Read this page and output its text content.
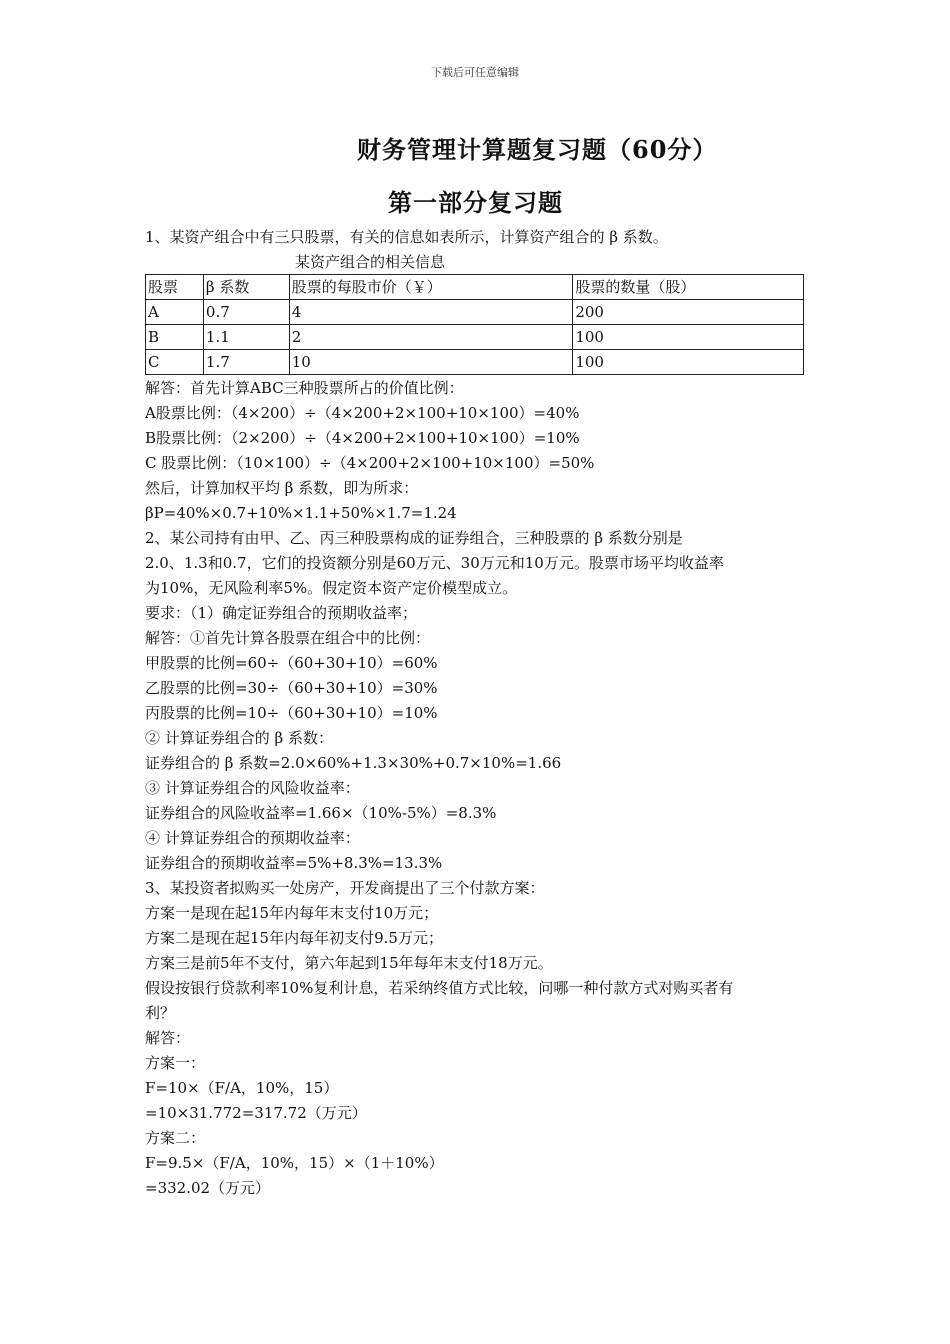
下载后可任意编辑
财务管理计算题复习题（60分）
第一部分复习题
1、某资产组合中有三只股票，有关的信息如表所示，计算资产组合的 β 系数。
某资产组合的相关信息
股票	β 系数	股票的每股市价（￥）	股票的数量（股）
A	0.7	4	200
B	1.1	2	100
C	1.7	10	100
解答：首先计算ABC三种股票所占的价值比例：
A股票比例：（4×200）÷（4×200+2×100+10×100）=40%
B股票比例：（2×200）÷（4×200+2×100+10×100）=10%
C 股票比例：（10×100）÷（4×200+2×100+10×100）=50%
然后，计算加权平均 β 系数，即为所求：
βP=40%×0.7+10%×1.1+50%×1.7=1.24
2、某公司持有由甲、乙、丙三种股票构成的证券组合，三种股票的 β 系数分别是
2.0、1.3和0.7，它们的投资额分别是60万元、30万元和10万元。股票市场平均收益率
为10%，无风险利率5%。假定资本资产定价模型成立。
要求：（1）确定证券组合的预期收益率；
解答：①首先计算各股票在组合中的比例：
甲股票的比例=60÷（60+30+10）=60%
乙股票的比例=30÷（60+30+10）=30%
丙股票的比例=10÷（60+30+10）=10%
② 计算证券组合的 β 系数：
证券组合的 β 系数=2.0×60%+1.3×30%+0.7×10%=1.66
③ 计算证券组合的风险收益率：
证券组合的风险收益率=1.66×（10%-5%）=8.3%
④ 计算证券组合的预期收益率：
证券组合的预期收益率=5%+8.3%=13.3%
3、某投资者拟购买一处房产，开发商提出了三个付款方案：
方案一是现在起15年内每年末支付10万元；
方案二是现在起15年内每年初支付9.5万元；
方案三是前5年不支付，第六年起到15年每年末支付18万元。
假设按银行贷款利率10%复利计息，若采纳终值方式比较，问哪一种付款方式对购买者有
利？
解答：
方案一：
F=10×（F/A，10%，15）
=10×31.772=317.72（万元）
方案二：
F=9.5×（F/A，10%，15）×（1＋10%）
=332.02（万元）
